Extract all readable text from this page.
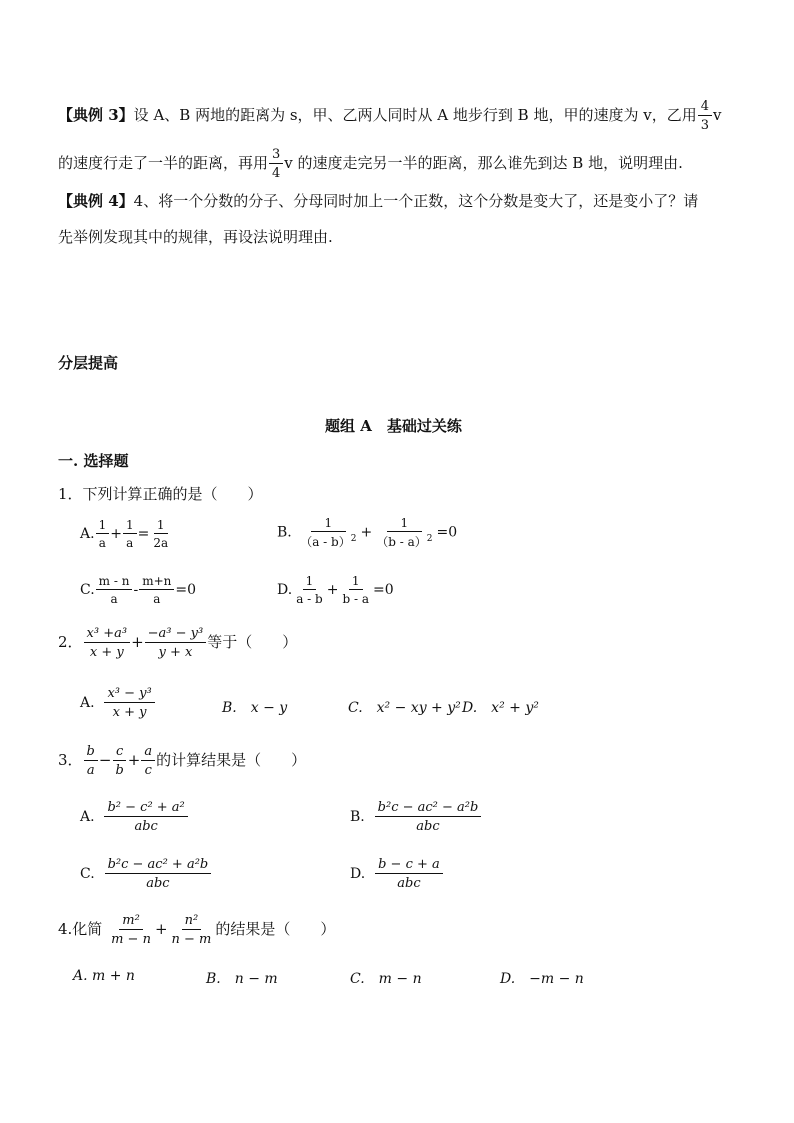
【典例 3】设 A、B 两地的距离为 s，甲、乙两人同时从 A 地步行到 B 地，甲的速度为 v，乙用 $\frac{4}{3}$ v
的速度行走了一半的距离，再用 $\frac{3}{4}$ v 的速度走完另一半的距离，那么谁先到达 B 地，说明理由.
【典例 4】4、将一个分数的分子、分母同时加上一个正数，这个分数是变大了，还是变小了？请
先举例发现其中的规律，再设法说明理由.
分层提高
题组 A　基础过关练
一. 选择题
1．下列计算正确的是（　　）
A. $\frac{1}{a} + \frac{1}{a} = \frac{1}{2a}$	B. $\frac{1}{(a - b)^2} + \frac{1}{(b - a)^2} =0$
C. $\frac{m - n}{a} - \frac{m+n}{a} =0$	D. $\frac{1}{a - b} + \frac{1}{b - a} =0$
2． $\frac{\text{x³ +a³}}{x + y} + \frac{\text{−a³ − y³}}{y + x}$ 等于（　　）
A. $\frac{\text{x³ − y³}}{x + y}$	B.　x − y	C.　x² − xy + y² D.　x² + y²
3． $\frac{b}{a} - \frac{c}{b} + \frac{a}{c}$ 的计算结果是（　　）
A. $\frac{\text{b² − c² + a²}}{\text{abc}}$	B. $\frac{\text{b²c − ac² − a²b}}{\text{abc}}$
C. $\frac{\text{b²c − ac² + a²b}}{\text{abc}}$	D. $\frac{b - c + a}{\text{abc}}$
4.化简 $\frac{\text{m²}}{m - n} + \frac{\text{n²}}{n - m}$ 的结果是（　　）
A. m + n	B.　n − m	C.　m − n	D.　−m − n
